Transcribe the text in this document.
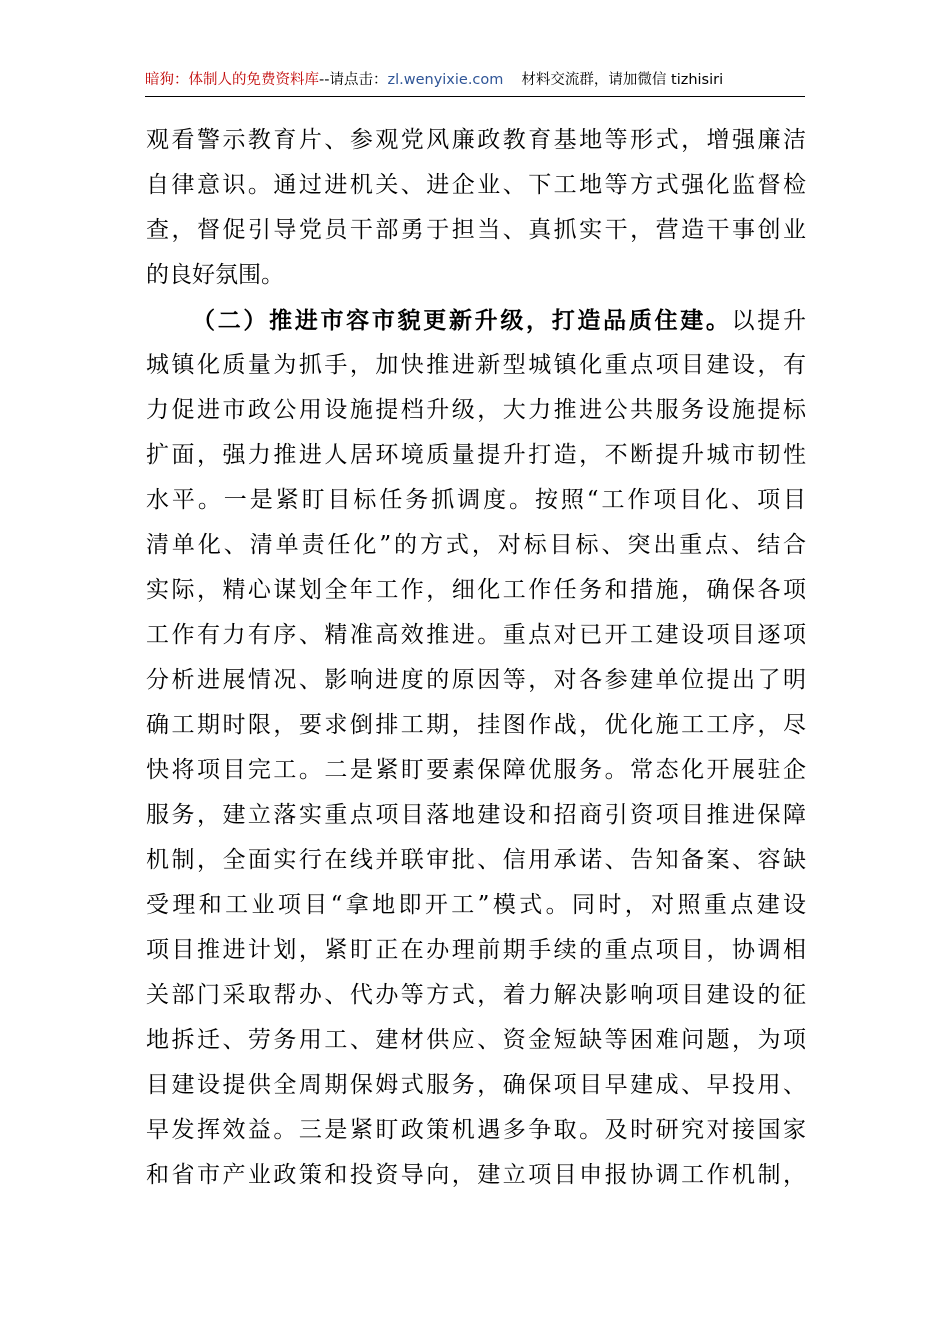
暗狗：体制人的免费资料库--请点击：zl.wenyixie.com 材料交流群，请加微信 tizhisiri
观看警示教育片、参观党风廉政教育基地等形式，增强廉洁
自律意识。通过进机关、进企业、下工地等方式强化监督检
查，督促引导党员干部勇于担当、真抓实干，营造干事创业
的良好氛围。
（二）推进市容市貌更新升级，打造品质住建。以提升
城镇化质量为抓手，加快推进新型城镇化重点项目建设，有
力促进市政公用设施提档升级，大力推进公共服务设施提标
扩面，强力推进人居环境质量提升打造，不断提升城市韧性
水平。一是紧盯目标任务抓调度。按照“工作项目化、项目
清单化、清单责任化”的方式，对标目标、突出重点、结合
实际，精心谋划全年工作，细化工作任务和措施，确保各项
工作有力有序、精准高效推进。重点对已开工建设项目逐项
分析进展情况、影响进度的原因等，对各参建单位提出了明
确工期时限，要求倒排工期，挂图作战，优化施工工序，尽
快将项目完工。二是紧盯要素保障优服务。常态化开展驻企
服务，建立落实重点项目落地建设和招商引资项目推进保障
机制，全面实行在线并联审批、信用承诺、告知备案、容缺
受理和工业项目“拿地即开工”模式。同时，对照重点建设
项目推进计划，紧盯正在办理前期手续的重点项目，协调相
关部门采取帮办、代办等方式，着力解决影响项目建设的征
地拆迁、劳务用工、建材供应、资金短缺等困难问题，为项
目建设提供全周期保姆式服务，确保项目早建成、早投用、
早发挥效益。三是紧盯政策机遇多争取。及时研究对接国家
和省市产业政策和投资导向，建立项目申报协调工作机制，
